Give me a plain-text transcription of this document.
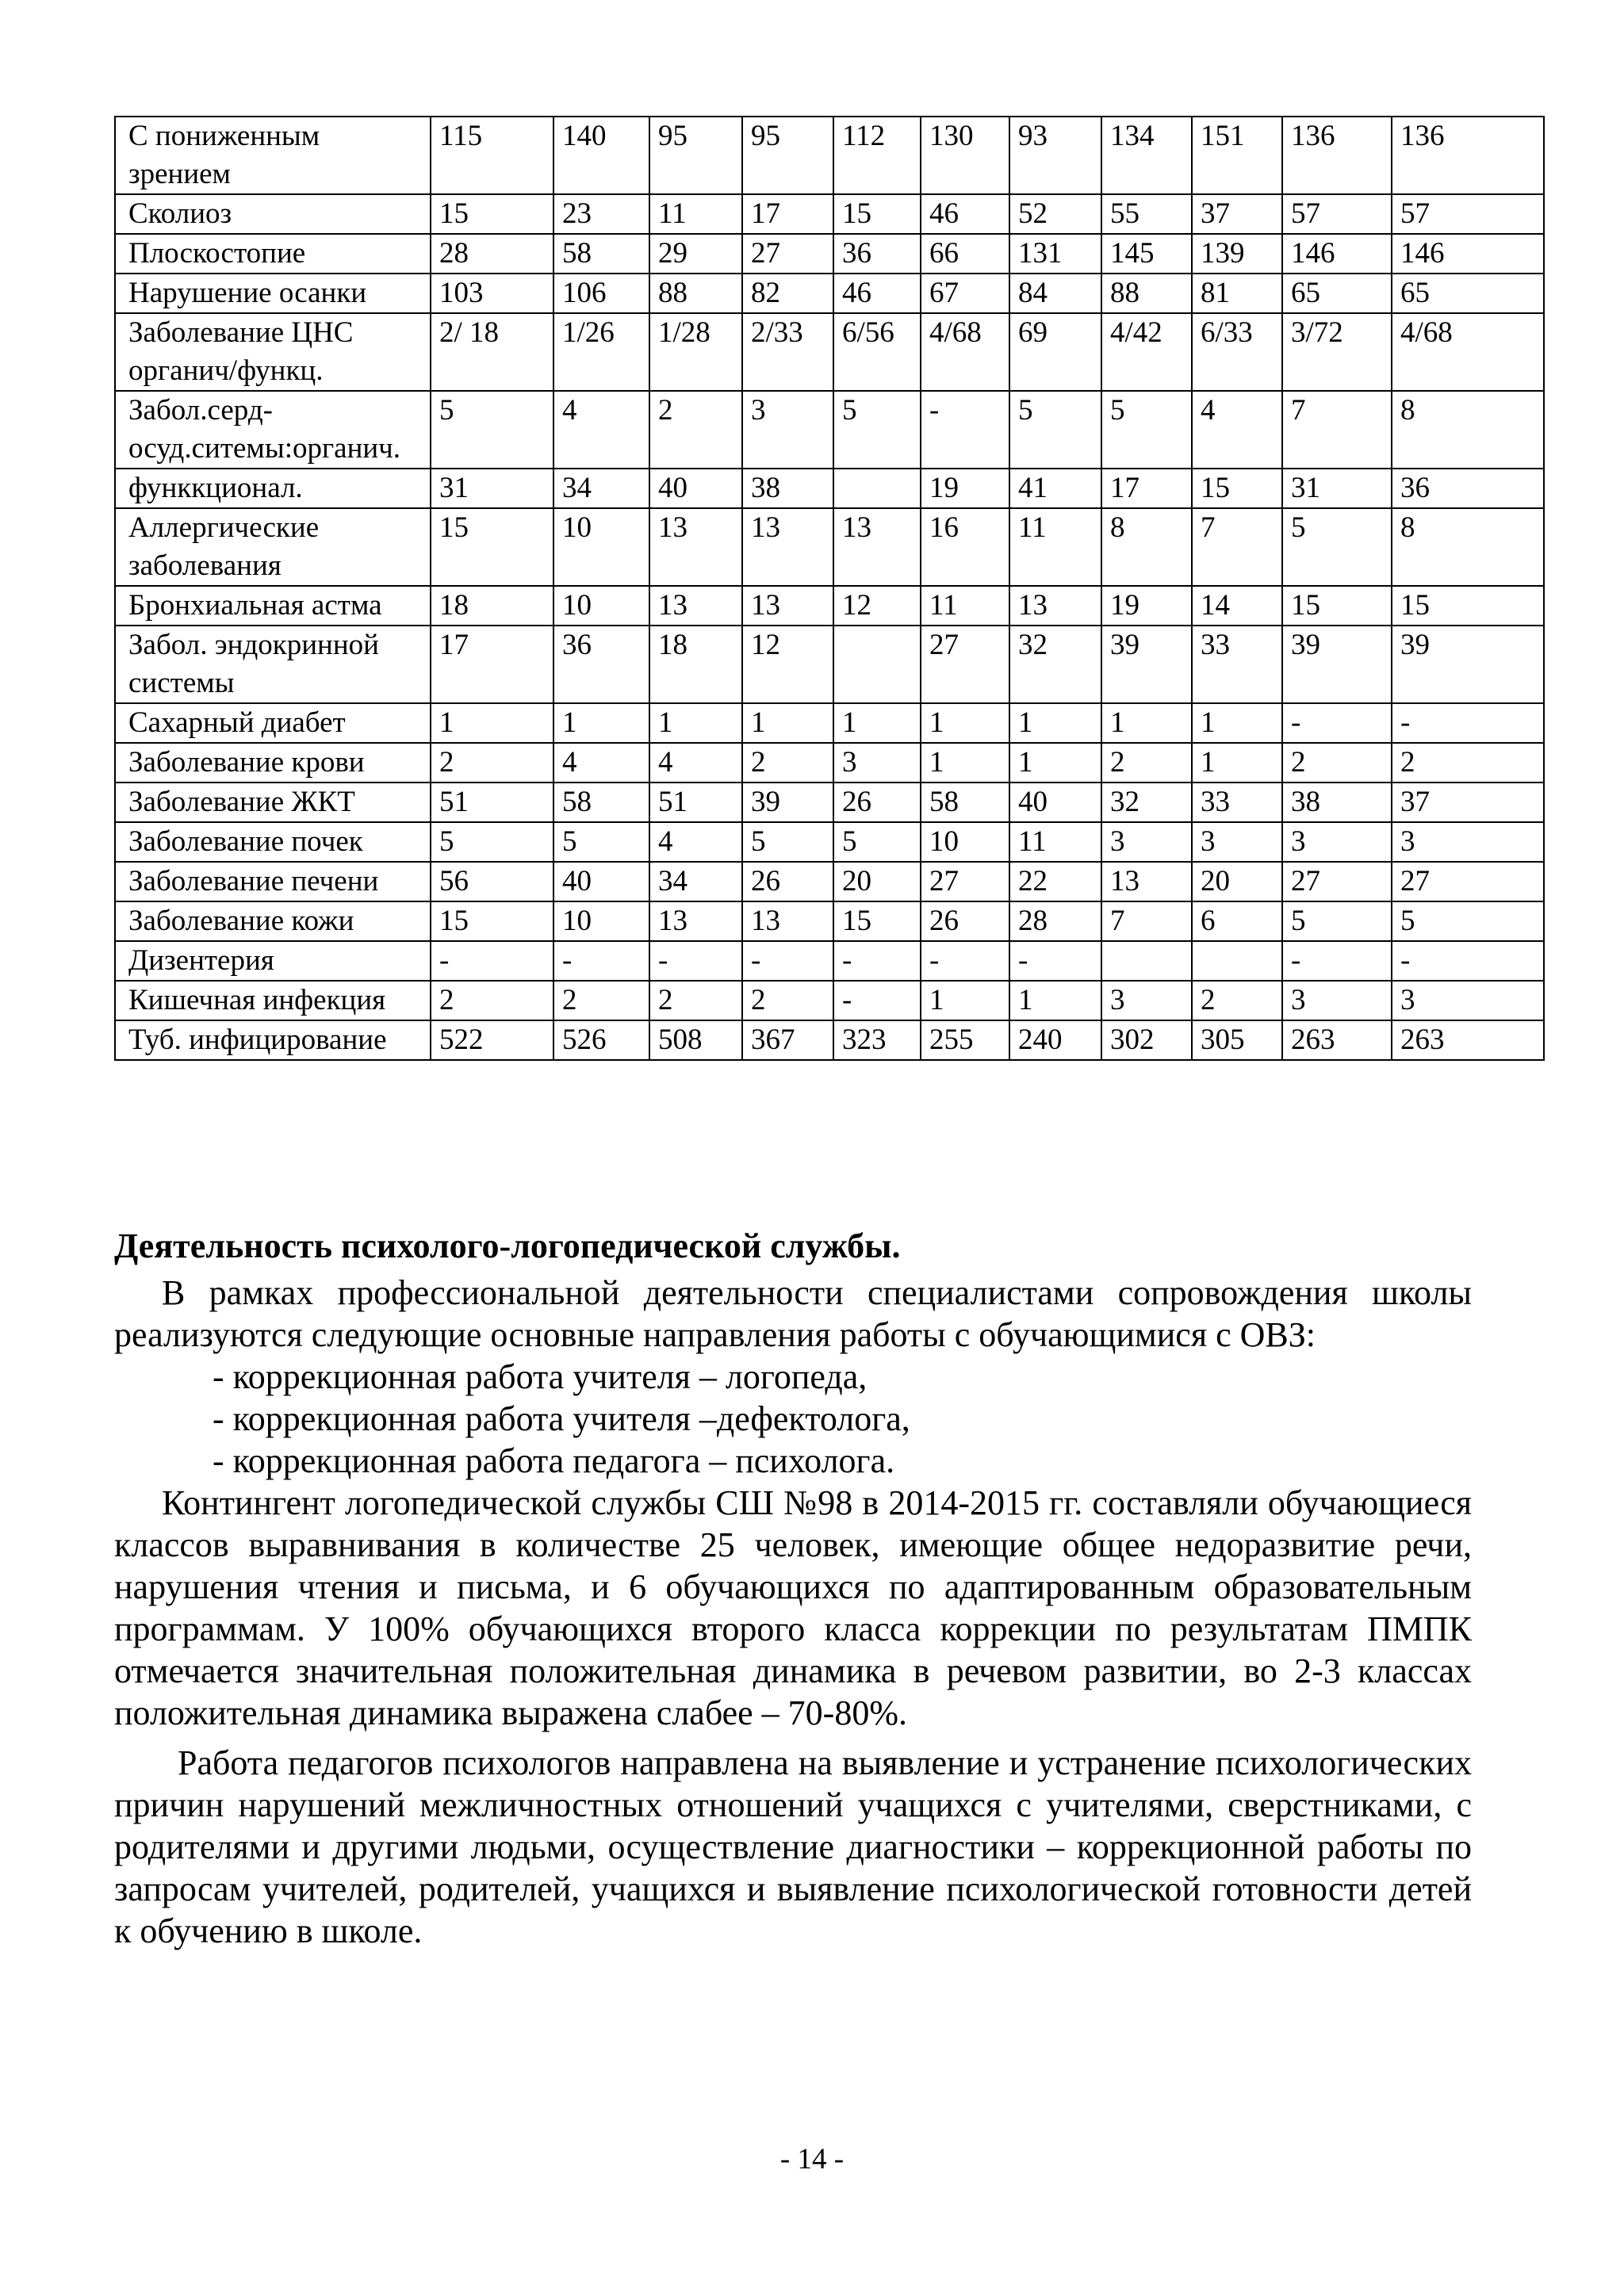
С пониженным зрением	115	140	95	95	112	130	93	134	151	136	136
Сколиоз	15	23	11	17	15	46	52	55	37	57	57
Плоскостопие	28	58	29	27	36	66	131	145	139	146	146
Нарушение осанки	103	106	88	82	46	67	84	88	81	65	65
Заболевание ЦНС органич/функц.	2/ 18	1/26	1/28	2/33	6/56	4/68	69	4/42	6/33	3/72	4/68
Забол.серд-осуд.ситемы:органич.	5	4	2	3	5	-	5	5	4	7	8
функкционал.	31	34	40	38		19	41	17	15	31	36
Аллергические заболевания	15	10	13	13	13	16	11	8	7	5	8
Бронхиальная астма	18	10	13	13	12	11	13	19	14	15	15
Забол. эндокринной системы	17	36	18	12		27	32	39	33	39	39
Сахарный диабет	1	1	1	1	1	1	1	1	1	-	-
Заболевание крови	2	4	4	2	3	1	1	2	1	2	2
Заболевание ЖКТ	51	58	51	39	26	58	40	32	33	38	37
Заболевание почек	5	5	4	5	5	10	11	3	3	3	3
Заболевание печени	56	40	34	26	20	27	22	13	20	27	27
Заболевание кожи	15	10	13	13	15	26	28	7	6	5	5
Дизентерия	-	-	-	-	-	-	-			-	-
Кишечная инфекция	2	2	2	2	-	1	1	3	2	3	3
Туб. инфицирование	522	526	508	367	323	255	240	302	305	263	263
Деятельность психолого-логопедической службы.

В рамках профессиональной деятельности специалистами сопровождения школы реализуются следующие основные направления работы с обучающимися с ОВЗ:

- коррекционная работа учителя – логопеда,
- коррекционная работа учителя –дефектолога,
- коррекционная работа педагога – психолога.

Контингент логопедической службы СШ №98 в 2014-2015 гг. составляли обучающиеся классов выравнивания в количестве 25 человек, имеющие общее недоразвитие речи, нарушения чтения и письма, и 6 обучающихся по адаптированным образовательным программам. У 100% обучающихся второго класса коррекции по результатам ПМПК отмечается значительная положительная динамика в речевом развитии, во 2-3 классах положительная динамика выражена слабее – 70-80%.

Работа педагогов психологов направлена на выявление и устранение психологических причин нарушений межличностных отношений учащихся с учителями, сверстниками, с родителями и другими людьми, осуществление диагностики – коррекционной работы по запросам учителей, родителей, учащихся и выявление психологической готовности детей к обучению в школе.

- 14 -
